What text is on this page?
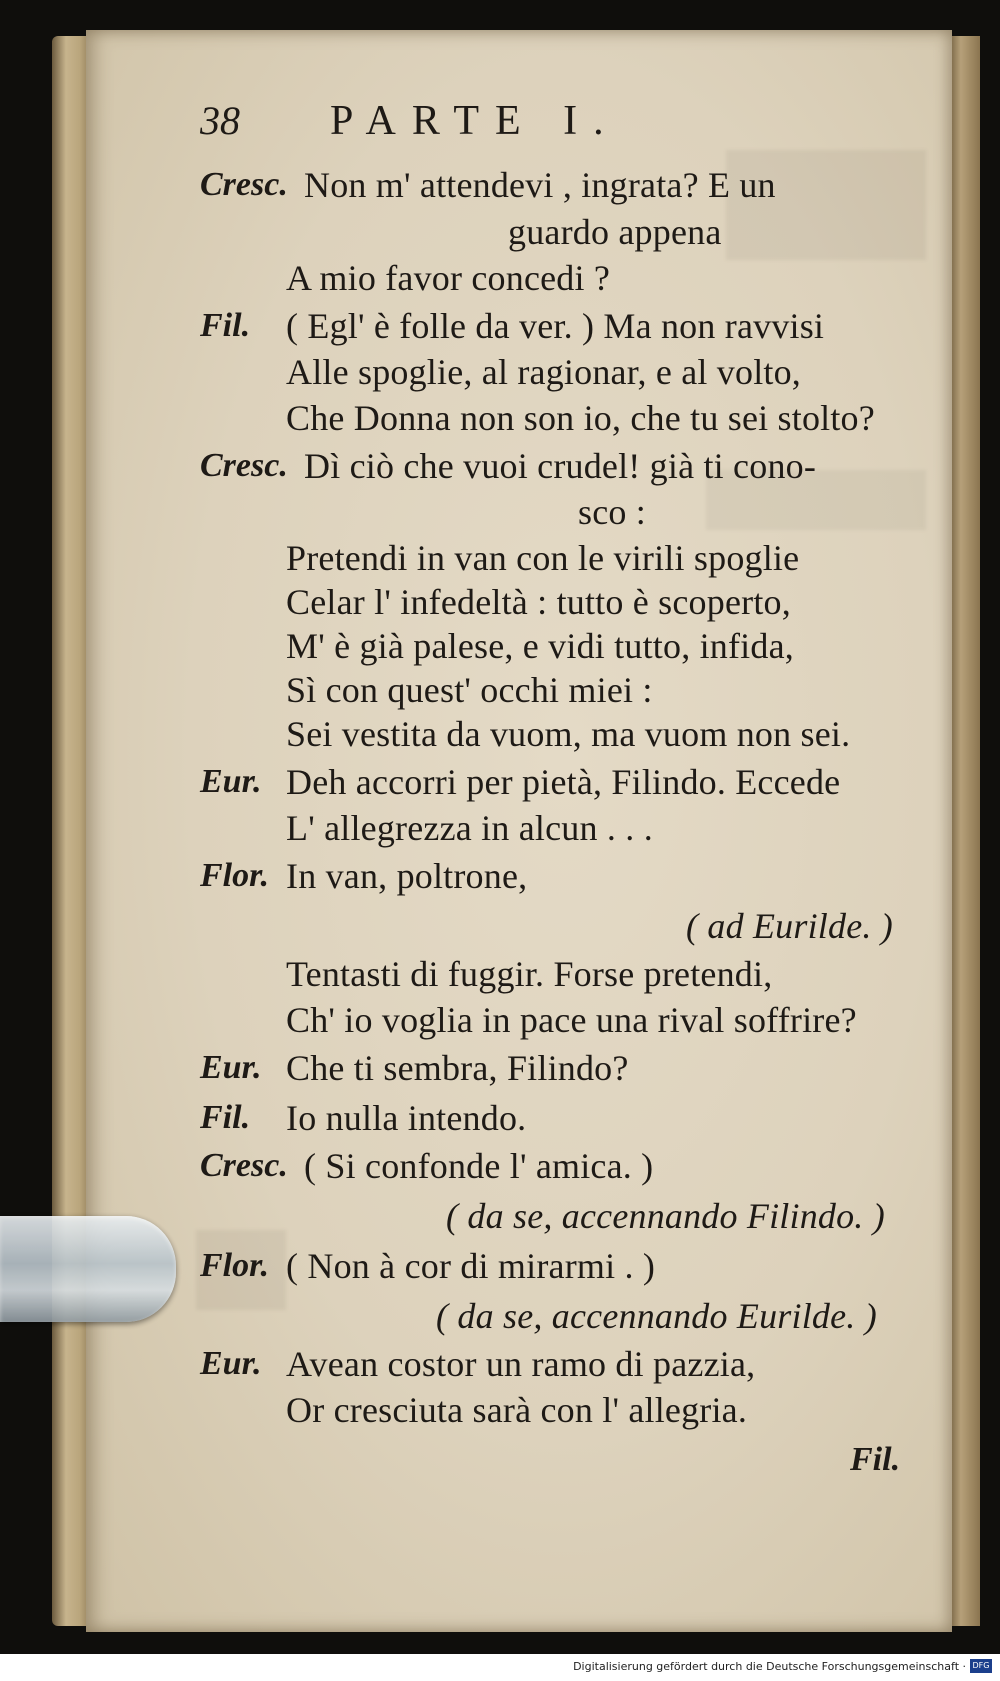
38 PARTE I.
Cresc. Non m' attendevi , ingrata? E un
guardo appena
A mio favor concedi ?
Fil. ( Egl' è folle da ver. ) Ma non ravvisi
Alle spoglie, al ragionar, e al volto,
Che Donna non son io, che tu sei stolto?
Cresc. Dì ciò che vuoi crudel! già ti cono-
sco :
Pretendi in van con le virili spoglie
Celar l' infedeltà : tutto è scoperto,
M' è già palese, e vidi tutto, infida,
Sì con quest' occhi miei :
Sei vestita da vuom, ma vuom non sei.
Eur. Deh accorri per pietà, Filindo. Eccede
L' allegrezza in alcun . . .
Flor. In van, poltrone,
( ad Eurilde. )
Tentasti di fuggir. Forse pretendi,
Ch' io voglia in pace una rival soffrire?
Eur. Che ti sembra, Filindo?
Fil. Io nulla intendo.
Cresc. ( Si confonde l' amica. )
( da se, accennando Filindo. )
Flor. ( Non à cor di mirarmi . )
( da se, accennando Eurilde. )
Eur. Avean costor un ramo di pazzia,
Or cresciuta sarà con l' allegria.
Fil.
Digitalisierung gefördert durch die Deutsche Forschungsgemeinschaft · DFG
